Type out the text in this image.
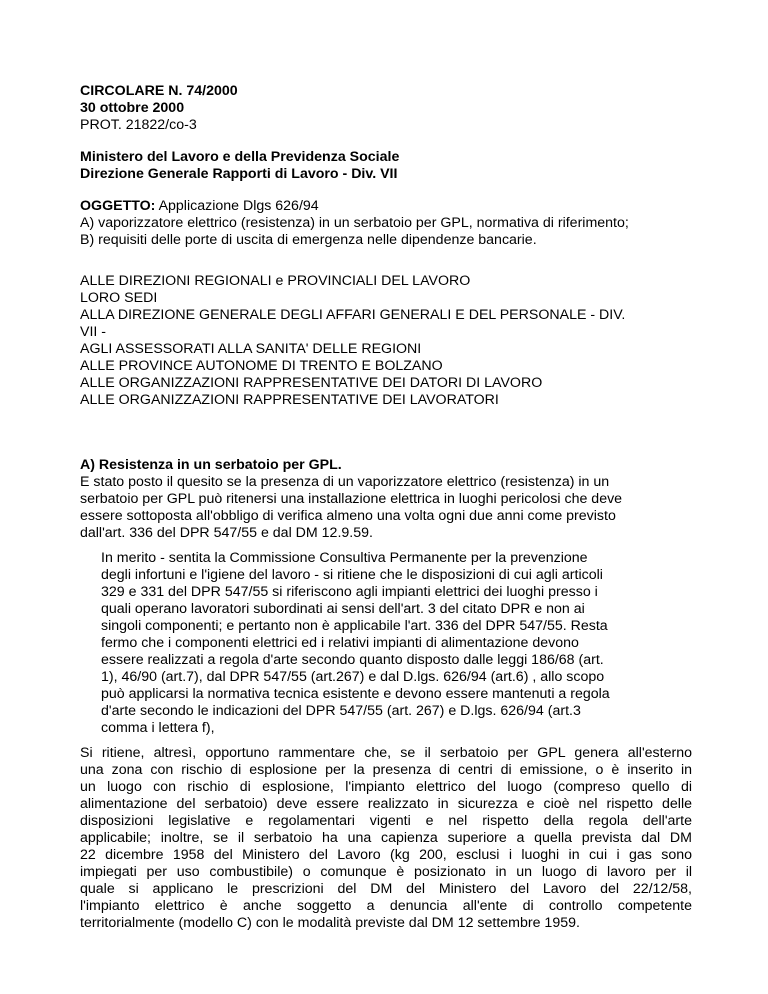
CIRCOLARE N. 74/2000
30 ottobre 2000
PROT. 21822/co-3
Ministero del Lavoro e della Previdenza Sociale
Direzione Generale Rapporti di Lavoro - Div. VII
OGGETTO: Applicazione Dlgs 626/94
A) vaporizzatore elettrico (resistenza) in un serbatoio per GPL, normativa di riferimento;
B) requisiti delle porte di uscita di emergenza nelle dipendenze bancarie.
ALLE DIREZIONI REGIONALI e PROVINCIALI DEL LAVORO
LORO SEDI
ALLA DIREZIONE GENERALE DEGLI AFFARI GENERALI E DEL PERSONALE - DIV.
VII -
AGLI ASSESSORATI ALLA SANITA' DELLE REGIONI
ALLE PROVINCE AUTONOME DI TRENTO E BOLZANO
ALLE ORGANIZZAZIONI RAPPRESENTATIVE DEI DATORI DI LAVORO
ALLE ORGANIZZAZIONI RAPPRESENTATIVE DEI LAVORATORI
A) Resistenza in un serbatoio per GPL.
E stato posto il quesito se la presenza di un vaporizzatore elettrico (resistenza) in un
serbatoio per GPL può ritenersi una installazione elettrica in luoghi pericolosi che deve
essere sottoposta all'obbligo di verifica almeno una volta ogni due anni come previsto
dall'art. 336 del DPR 547/55 e dal DM 12.9.59.
In merito - sentita la Commissione Consultiva Permanente per la prevenzione
degli infortuni e l'igiene del lavoro - si ritiene che le disposizioni di cui agli articoli
329 e 331 del DPR 547/55 si riferiscono agli impianti elettrici dei luoghi presso i
quali operano lavoratori subordinati ai sensi dell'art. 3 del citato DPR e non ai
singoli componenti; e pertanto non è applicabile l'art. 336 del DPR 547/55. Resta
fermo che i componenti elettrici ed i relativi impianti di alimentazione devono
essere realizzati a regola d'arte secondo quanto disposto dalle leggi 186/68 (art.
1), 46/90 (art.7), dal DPR 547/55 (art.267) e dal D.lgs. 626/94 (art.6) , allo scopo
può applicarsi la normativa tecnica esistente e devono essere mantenuti a regola
d'arte secondo le indicazioni del DPR 547/55 (art. 267) e D.lgs. 626/94 (art.3
comma i lettera f),
Si ritiene, altresì, opportuno rammentare che, se il serbatoio per GPL genera all'esterno
una zona con rischio di esplosione per la presenza di centri di emissione, o è inserito in
un luogo con rischio di esplosione, l'impianto elettrico del luogo (compreso quello di
alimentazione del serbatoio) deve essere realizzato in sicurezza e cioè nel rispetto delle
disposizioni legislative e regolamentari vigenti e nel rispetto della regola dell'arte
applicabile; inoltre, se il serbatoio ha una capienza superiore a quella prevista dal DM
22 dicembre 1958 del Ministero del Lavoro (kg 200, esclusi i luoghi in cui i gas sono
impiegati per uso combustibile) o comunque è posizionato in un luogo di lavoro per il
quale si applicano le prescrizioni del DM del Ministero del Lavoro del 22/12/58,
l'impianto elettrico è anche soggetto a denuncia all'ente di controllo competente
territorialmente (modello C) con le modalità previste dal DM 12 settembre 1959.
